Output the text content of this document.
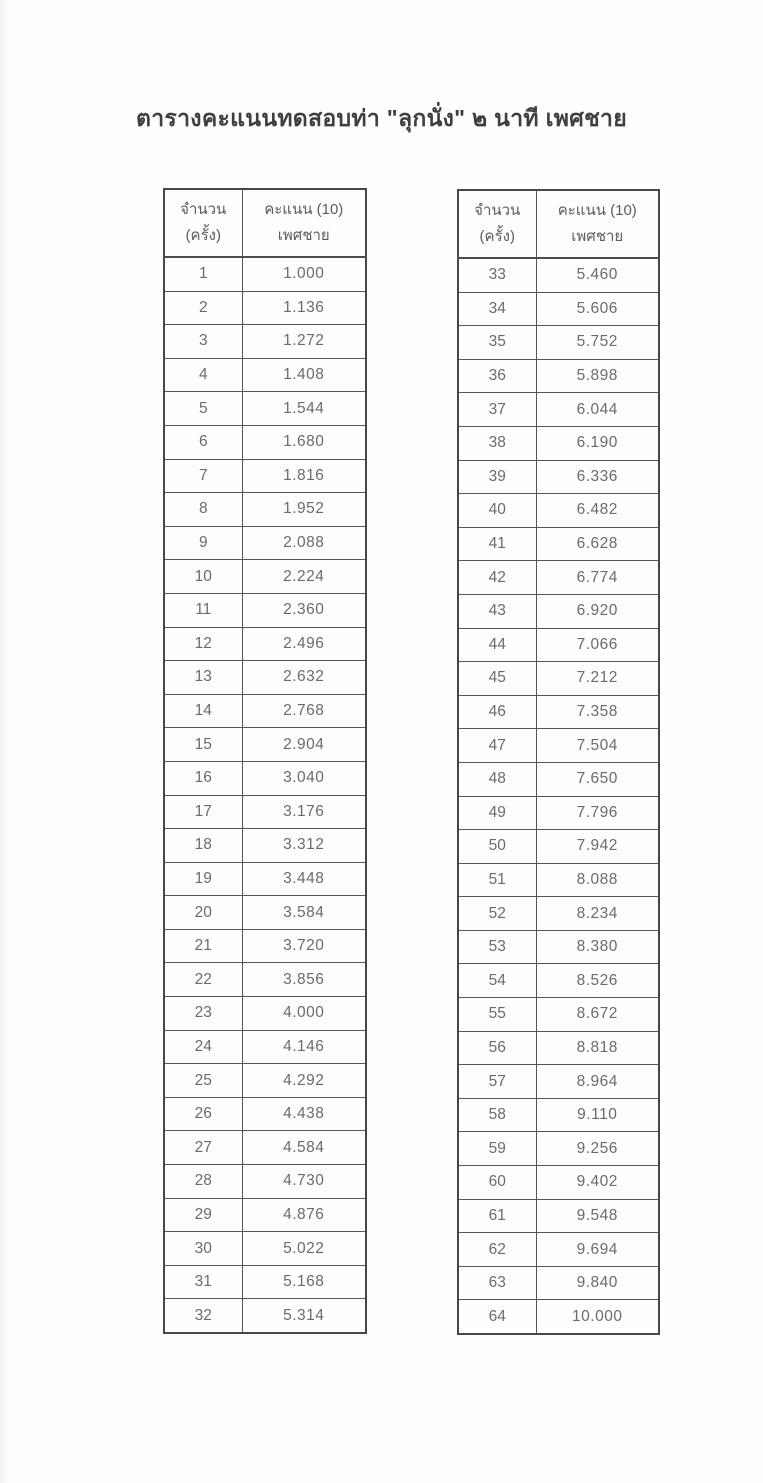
ตารางคะแนนทดสอบท่า "ลุกนั่ง" ๒ นาที เพศชาย
จำนวน
(ครั้ง)	คะแนน (10)
เพศชาย

1	1.000
2	1.136
3	1.272
4	1.408
5	1.544
6	1.680
7	1.816
8	1.952
9	2.088
10	2.224
11	2.360
12	2.496
13	2.632
14	2.768
15	2.904
16	3.040
17	3.176
18	3.312
19	3.448
20	3.584
21	3.720
22	3.856
23	4.000
24	4.146
25	4.292
26	4.438
27	4.584
28	4.730
29	4.876
30	5.022
31	5.168
32	5.314
จำนวน
(ครั้ง)	คะแนน (10)
เพศชาย

33	5.460
34	5.606
35	5.752
36	5.898
37	6.044
38	6.190
39	6.336
40	6.482
41	6.628
42	6.774
43	6.920
44	7.066
45	7.212
46	7.358
47	7.504
48	7.650
49	7.796
50	7.942
51	8.088
52	8.234
53	8.380
54	8.526
55	8.672
56	8.818
57	8.964
58	9.110
59	9.256
60	9.402
61	9.548
62	9.694
63	9.840
64	10.000
